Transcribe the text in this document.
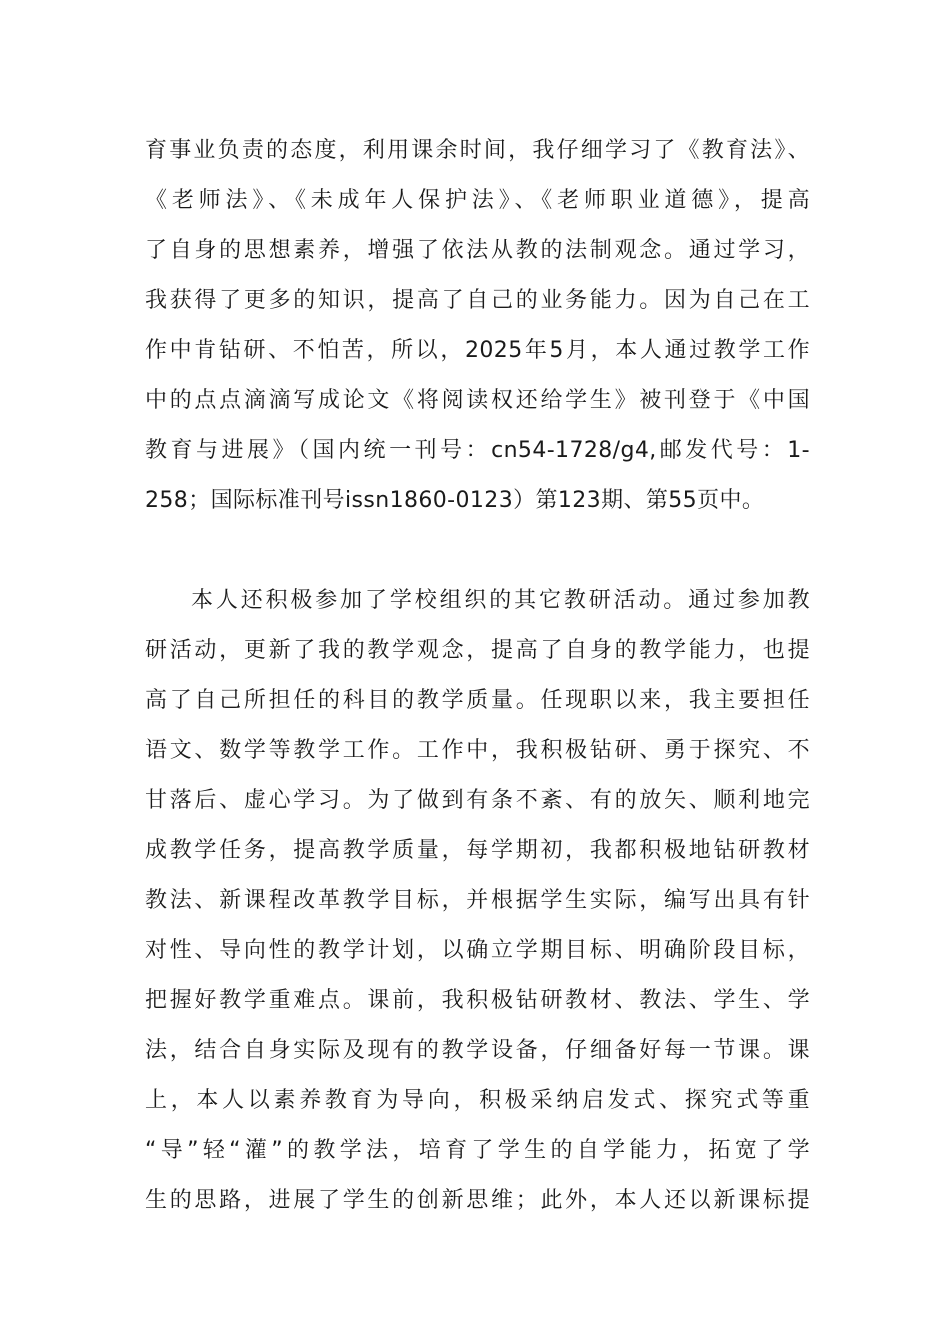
育事业负责的态度，利用课余时间，我仔细学习了《教育法》、
《老师法》、《未成年人保护法》、《老师职业道德》，提高
了自身的思想素养，增强了依法从教的法制观念。通过学习，
我获得了更多的知识，提高了自己的业务能力。因为自己在工
作中肯钻研、不怕苦，所以，2025年5月，本人通过教学工作
中的点点滴滴写成论文《将阅读权还给学生》被刊登于《中国
教育与进展》（国内统一刊号：cn54-1728/g4,邮发代号：1-
258；国际标准刊号issn1860-0123）第123期、第55页中。
本人还积极参加了学校组织的其它教研活动。通过参加教
研活动，更新了我的教学观念，提高了自身的教学能力，也提
高了自己所担任的科目的教学质量。任现职以来，我主要担任
语文、数学等教学工作。工作中，我积极钻研、勇于探究、不
甘落后、虚心学习。为了做到有条不紊、有的放矢、顺利地完
成教学任务，提高教学质量，每学期初，我都积极地钻研教材
教法、新课程改革教学目标，并根据学生实际，编写出具有针
对性、导向性的教学计划，以确立学期目标、明确阶段目标，
把握好教学重难点。课前，我积极钻研教材、教法、学生、学
法，结合自身实际及现有的教学设备，仔细备好每一节课。课
上，本人以素养教育为导向，积极采纳启发式、探究式等重
“导”轻“灌”的教学法，培育了学生的自学能力，拓宽了学
生的思路，进展了学生的创新思维；此外，本人还以新课标提
